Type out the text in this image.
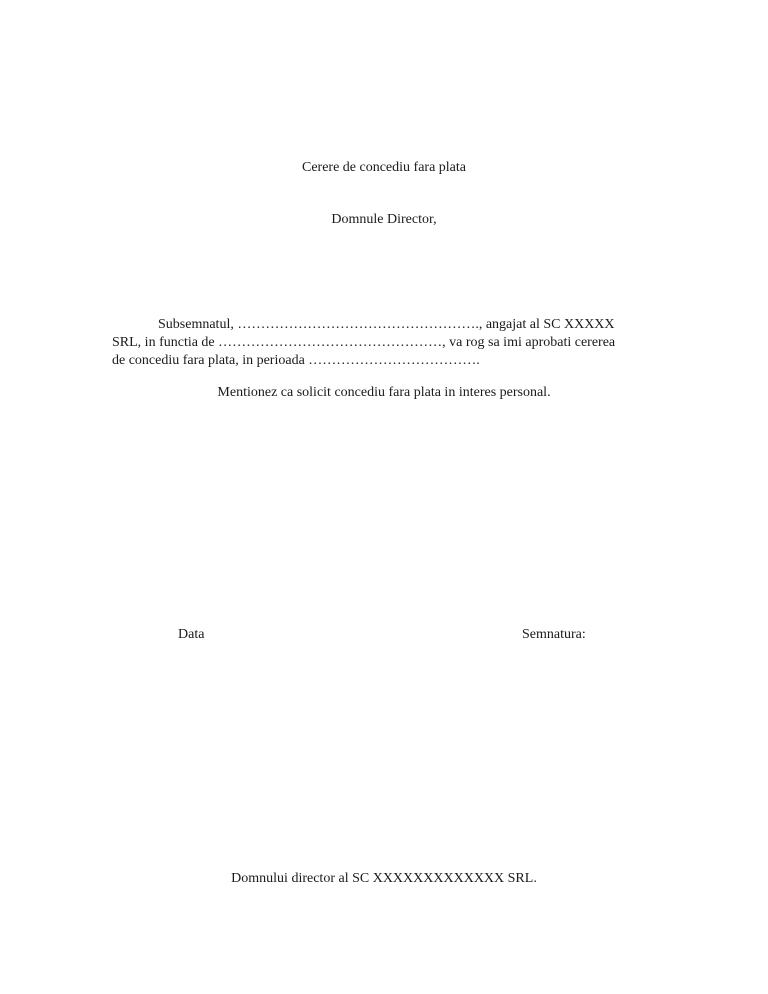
Cerere de concediu fara plata
Domnule Director,
Subsemnatul, ……………………………………………., angajat al SC XXXXX
SRL, in functia de …………………………………………, va rog sa imi aprobati cererea
de concediu fara plata, in perioada ……………………………….
Mentionez ca solicit concediu fara plata in interes personal.
Data	Semnatura:
Domnului director al SC XXXXXXXXXXXXX SRL.
